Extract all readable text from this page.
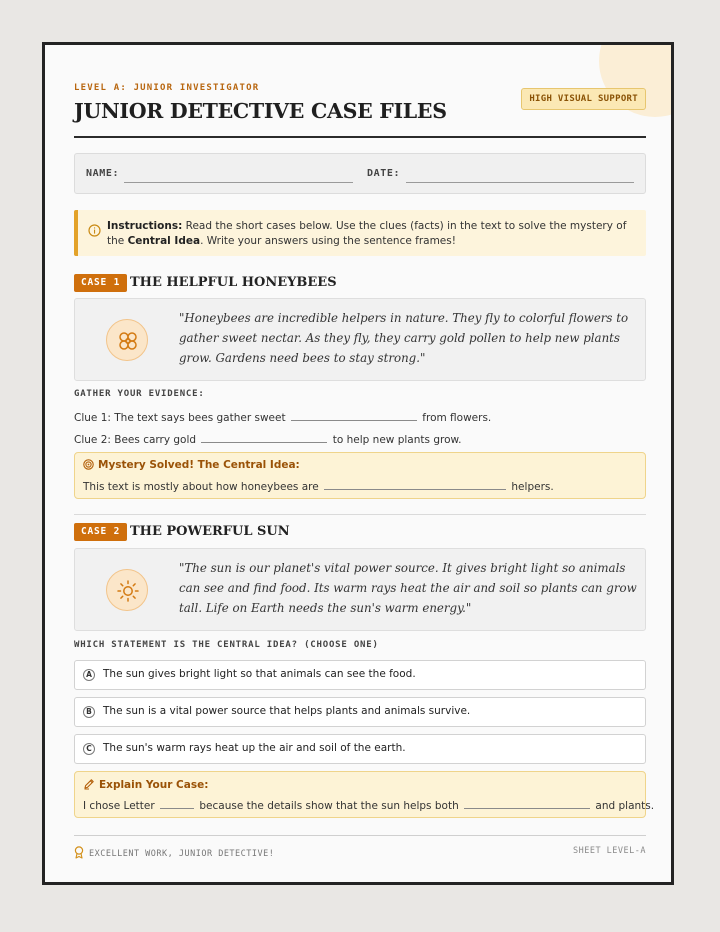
LEVEL A: JUNIOR INVESTIGATOR
JUNIOR DETECTIVE CASE FILES	HIGH VISUAL SUPPORT
NAME:	DATE:
Instructions: Read the short cases below. Use the clues (facts) in the text to solve the mystery of the Central Idea. Write your answers using the sentence frames!
CASE 1 THE HELPFUL HONEYBEES
"Honeybees are incredible helpers in nature. They fly to colorful flowers to gather sweet nectar. As they fly, they carry gold pollen to help new plants grow. Gardens need bees to stay strong."
GATHER YOUR EVIDENCE:
Clue 1: The text says bees gather sweet	from flowers.
Clue 2: Bees carry gold	to help new plants grow.
Mystery Solved! The Central Idea:
This text is mostly about how honeybees are	helpers.
CASE 2 THE POWERFUL SUN
"The sun is our planet's vital power source. It gives bright light so animals can see and find food. Its warm rays heat the air and soil so plants can grow tall. Life on Earth needs the sun's warm energy."
WHICH STATEMENT IS THE CENTRAL IDEA? (CHOOSE ONE)
A The sun gives bright light so that animals can see the food.
B The sun is a vital power source that helps plants and animals survive.
C	The sun's warm rays heat up the air and soil of the earth.
Explain Your Case:
I chose Letter	because the details show that the sun helps both	and plants.
EXCELLENT WORK, JUNIOR DETECTIVE!	SHEET LEVEL-A
